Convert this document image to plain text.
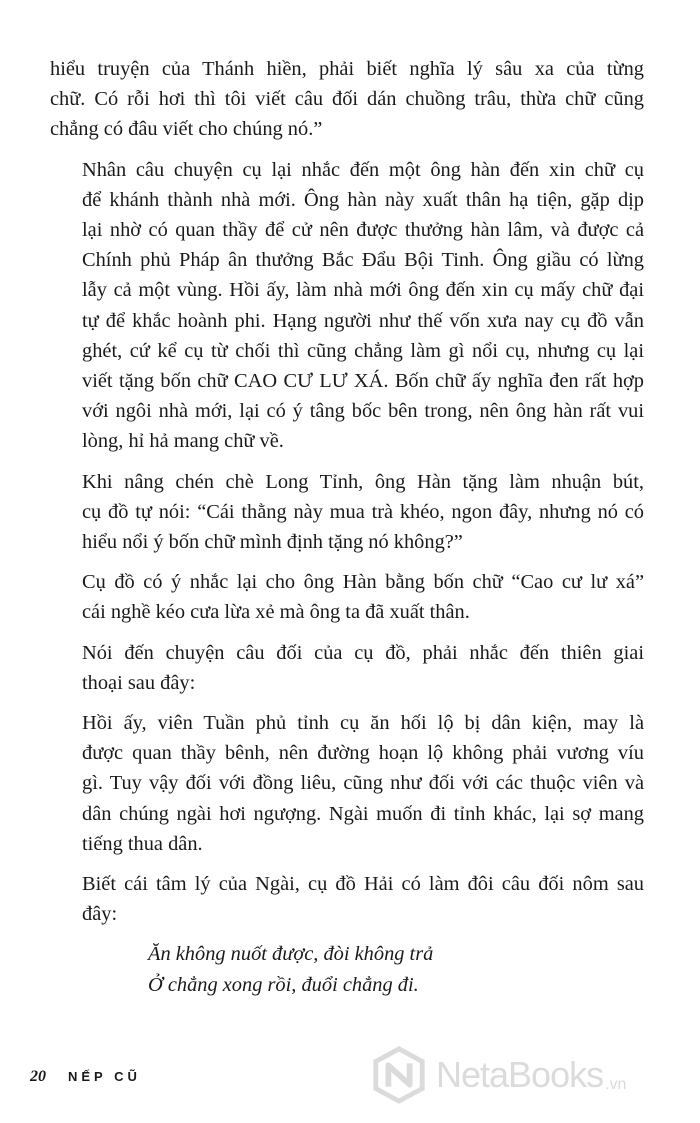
hiểu truyện của Thánh hiền, phải biết nghĩa lý sâu xa của từng
chữ. Có rỗi hơi thì tôi viết câu đối dán chuồng trâu, thừa chữ cũng
chẳng có đâu viết cho chúng nó.”

Nhân câu chuyện cụ lại nhắc đến một ông hàn đến xin chữ cụ
để khánh thành nhà mới. Ông hàn này xuất thân hạ tiện, gặp dịp
lại nhờ có quan thầy để cử nên được thưởng hàn lâm, và được cả
Chính phủ Pháp ân thưởng Bắc Đẩu Bội Tinh. Ông giầu có lừng
lẫy cả một vùng. Hồi ấy, làm nhà mới ông đến xin cụ mấy chữ đại
tự để khắc hoành phi. Hạng người như thế vốn xưa nay cụ đồ vẫn
ghét, cứ kể cụ từ chối thì cũng chẳng làm gì nổi cụ, nhưng cụ lại
viết tặng bốn chữ CAO CƯ LƯ XÁ. Bốn chữ ấy nghĩa đen rất hợp
với ngôi nhà mới, lại có ý tâng bốc bên trong, nên ông hàn rất vui
lòng, hỉ hả mang chữ về.

Khi nâng chén chè Long Tỉnh, ông Hàn tặng làm nhuận bút,
cụ đồ tự nói: “Cái thằng này mua trà khéo, ngon đây, nhưng nó có
hiểu nổi ý bốn chữ mình định tặng nó không?”

Cụ đồ có ý nhắc lại cho ông Hàn bằng bốn chữ “Cao cư lư xá”
cái nghề kéo cưa lừa xẻ mà ông ta đã xuất thân.

Nói đến chuyện câu đối của cụ đồ, phải nhắc đến thiên giai
thoại sau đây:

Hồi ấy, viên Tuần phủ tỉnh cụ ăn hối lộ bị dân kiện, may là
được quan thầy bênh, nên đường hoạn lộ không phải vương víu
gì. Tuy vậy đối với đồng liêu, cũng như đối với các thuộc viên và
dân chúng ngài hơi ngượng. Ngài muốn đi tỉnh khác, lại sợ mang
tiếng thua dân.

Biết cái tâm lý của Ngài, cụ đồ Hải có làm đôi câu đối nôm sau
đây:

Ăn không nuốt được, đòi không trả
Ở chẳng xong rồi, đuổi chẳng đi.
20 NẾP CŨ	NetaBooks .vn
